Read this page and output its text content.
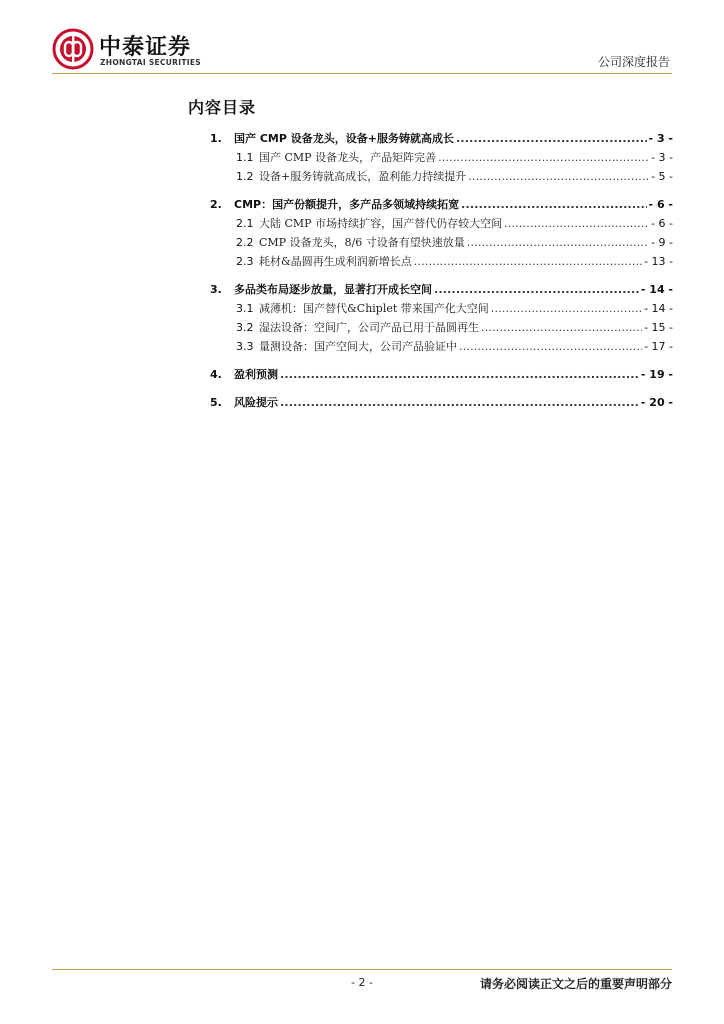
中泰证券
ZHONGTAI SECURITIES	公司深度报告
内容目录
1.	国产 CMP 设备龙头，设备+服务铸就高成长 .....	- 3 -
1.1 国产 CMP 设备龙头，产品矩阵完善 .....	- 3 -
1.2 设备+服务铸就高成长，盈利能力持续提升 .....	- 5 -
2.	CMP：国产份额提升，多产品多领域持续拓宽 .....	- 6 -
2.1 大陆 CMP 市场持续扩容，国产替代仍存较大空间 .....	- 6 -
2.2 CMP 设备龙头，8/6 寸设备有望快速放量 .....	- 9 -
2.3 耗材&晶圆再生成利润新增长点 .....	- 13 -
3.	多品类布局逐步放量，显著打开成长空间 .....	- 14 -
3.1 减薄机：国产替代&Chiplet 带来国产化大空间 .....	- 14 -
3.2 湿法设备：空间广，公司产品已用于晶圆再生 .....	- 15 -
3.3 量测设备：国产空间大，公司产品验证中 .....	- 17 -
4.	盈利预测 .....	- 19 -
5.	风险提示 .....	- 20 -
- 2 -	请务必阅读正文之后的重要声明部分
